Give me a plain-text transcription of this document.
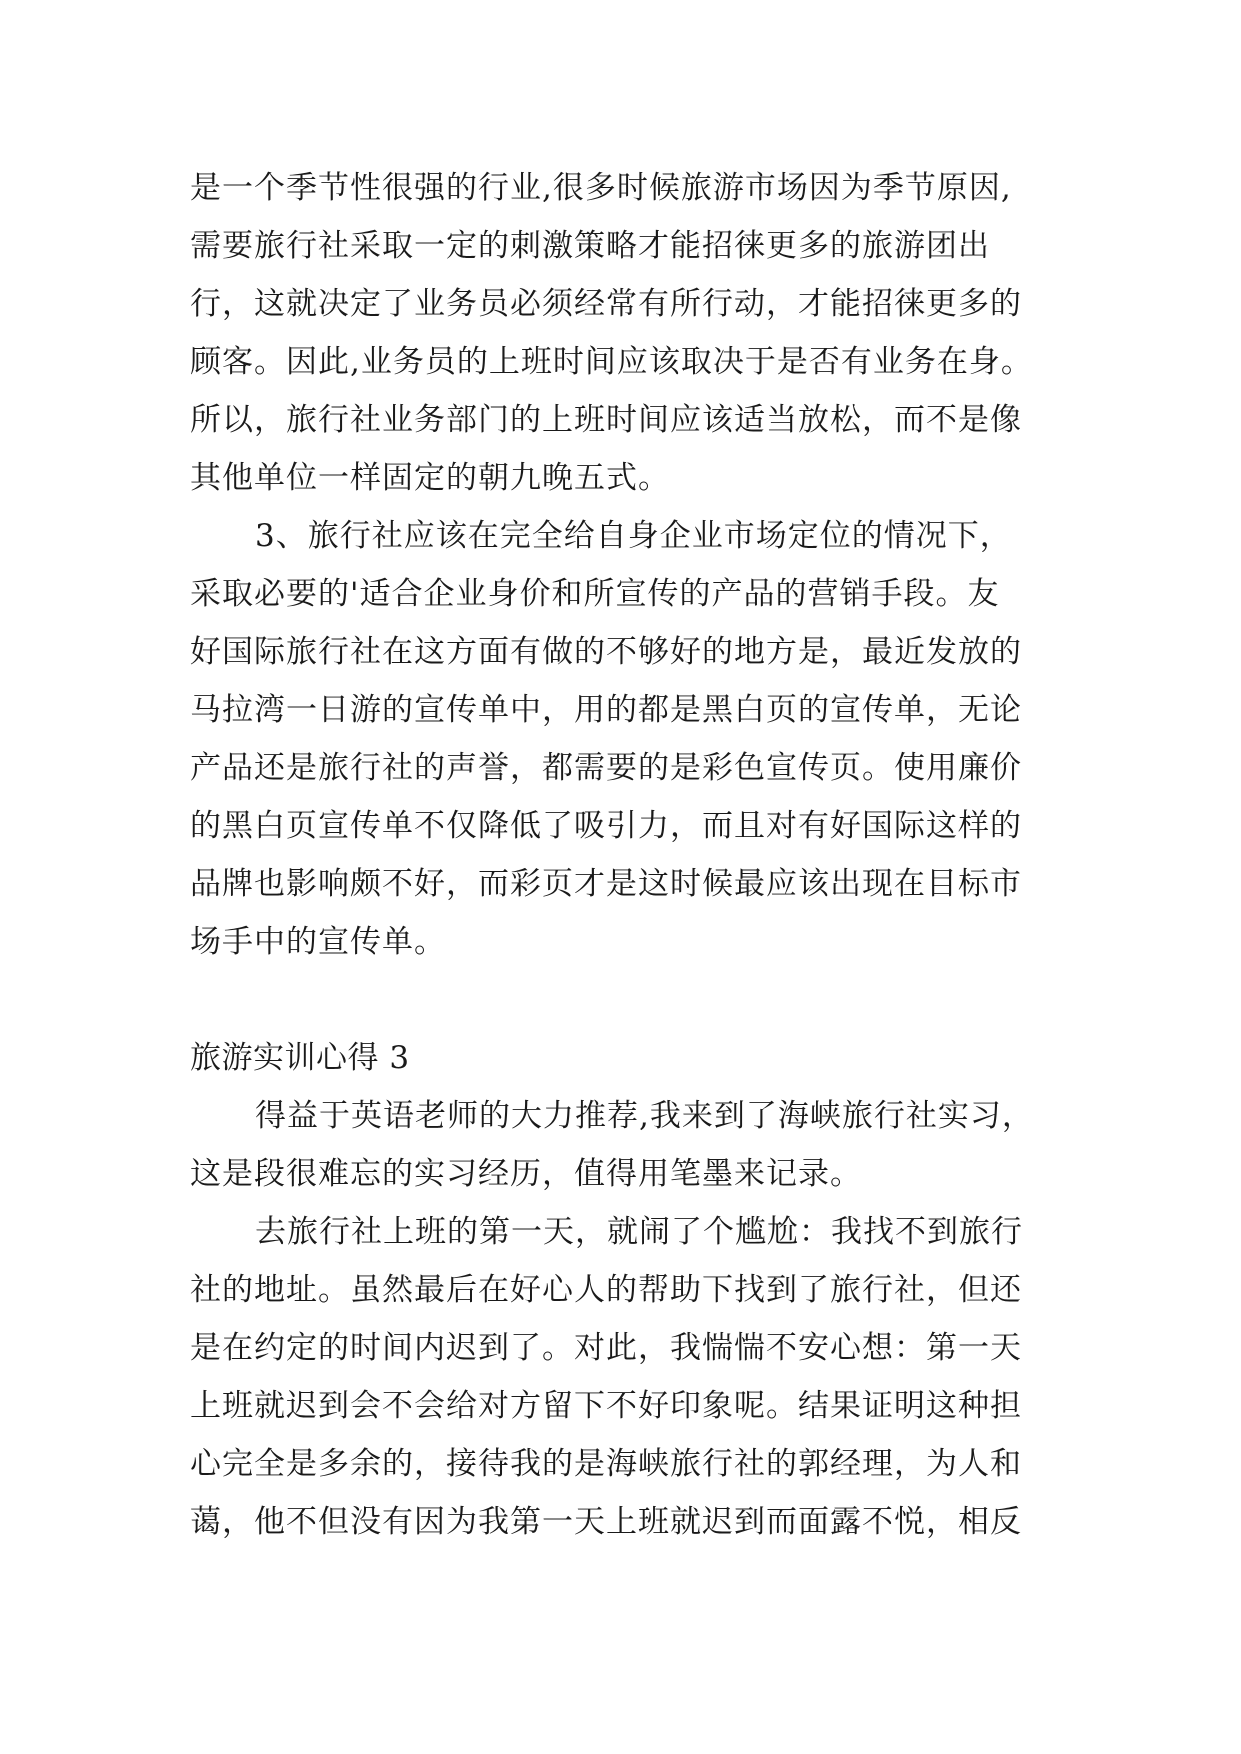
是一个季节性很强的行业,很多时候旅游市场因为季节原因,
需要旅行社采取一定的刺激策略才能招徕更多的旅游团出
行，这就决定了业务员必须经常有所行动，才能招徕更多的
顾客。因此,业务员的上班时间应该取决于是否有业务在身。
所以，旅行社业务部门的上班时间应该适当放松，而不是像
其他单位一样固定的朝九晚五式。
3、旅行社应该在完全给自身企业市场定位的情况下，
采取必要的'适合企业身价和所宣传的产品的营销手段。友
好国际旅行社在这方面有做的不够好的地方是，最近发放的
马拉湾一日游的宣传单中，用的都是黑白页的宣传单，无论
产品还是旅行社的声誉，都需要的是彩色宣传页。使用廉价
的黑白页宣传单不仅降低了吸引力，而且对有好国际这样的
品牌也影响颇不好，而彩页才是这时候最应该出现在目标市
场手中的宣传单。
旅游实训心得 3
得益于英语老师的大力推荐,我来到了海峡旅行社实习，
这是段很难忘的实习经历，值得用笔墨来记录。
去旅行社上班的第一天，就闹了个尴尬：我找不到旅行
社的地址。虽然最后在好心人的帮助下找到了旅行社，但还
是在约定的时间内迟到了。对此，我惴惴不安心想：第一天
上班就迟到会不会给对方留下不好印象呢。结果证明这种担
心完全是多余的，接待我的是海峡旅行社的郭经理，为人和
蔼，他不但没有因为我第一天上班就迟到而面露不悦，相反
